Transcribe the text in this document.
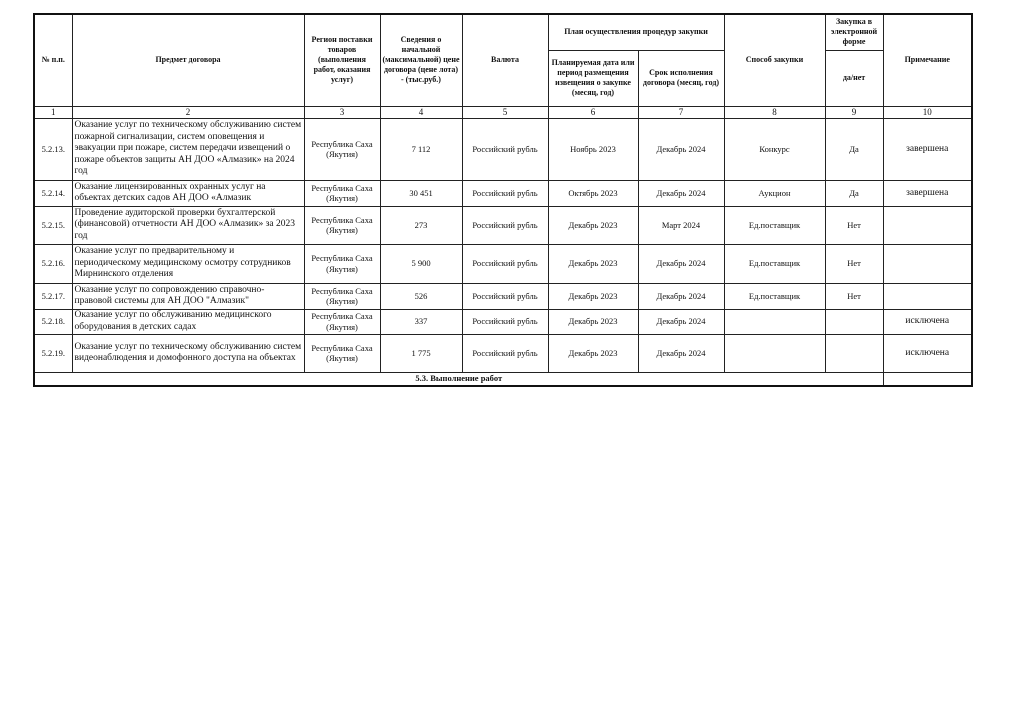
№ п.п.	Предмет договора	Регион поставки товаров (выполнения работ, оказания услуг)	Сведения о начальной (максимальной) цене договора (цене лота) - (тыс.руб.)	Валюта	План осуществления процедур закупки		Способ закупки	Закупка в электронной форме	Примечание
					Планируемая дата или период размещения извещения о закупке (месяц, год)	Срок исполнения договора (месяц, год)		да/нет	
1	2	3	4	5	6	7	8	9	10
5.2.13.	Оказание услуг по техническому обслуживанию систем пожарной сигнализации, систем оповещения и эвакуации при пожаре, систем передачи извещений о пожаре объектов защиты АН ДОО «Алмазик» на 2024 год	Республика Саха (Якутия)	7 112	Российский рубль	Ноябрь 2023	Декабрь 2024	Конкурс	Да	завершена
5.2.14.	Оказание лицензированных охранных услуг на объектах детских садов АН ДОО «Алмазик	Республика Саха (Якутия)	30 451	Российский рубль	Октябрь 2023	Декабрь 2024	Аукцион	Да	завершена
5.2.15.	Проведение аудиторской проверки бухгалтерской (финансовой) отчетности АН ДОО «Алмазик» за 2023 год	Республика Саха (Якутия)	273	Российский рубль	Декабрь 2023	Март 2024	Ед.поставщик	Нет	
5.2.16.	Оказание услуг по предварительному и периодическому медицинскому осмотру сотрудников Мирнинского отделения	Республика Саха (Якутия)	5 900	Российский рубль	Декабрь 2023	Декабрь 2024	Ед.поставщик	Нет	
5.2.17.	Оказание услуг по сопровождению справочно-правовой системы для АН ДОО "Алмазик"	Республика Саха (Якутия)	526	Российский рубль	Декабрь 2023	Декабрь 2024	Ед.поставщик	Нет	
5.2.18.	Оказание услуг по обслуживанию медицинского оборудования в детских садах	Республика Саха (Якутия)	337	Российский рубль	Декабрь 2023	Декабрь 2024			исключена
5.2.19.	Оказание услуг по техническому обслуживанию систем видеонаблюдения и домофонного доступа на объектах	Республика Саха (Якутия)	1 775	Российский рубль	Декабрь 2023	Декабрь 2024			исключена
5.3. Выполнение работ									
